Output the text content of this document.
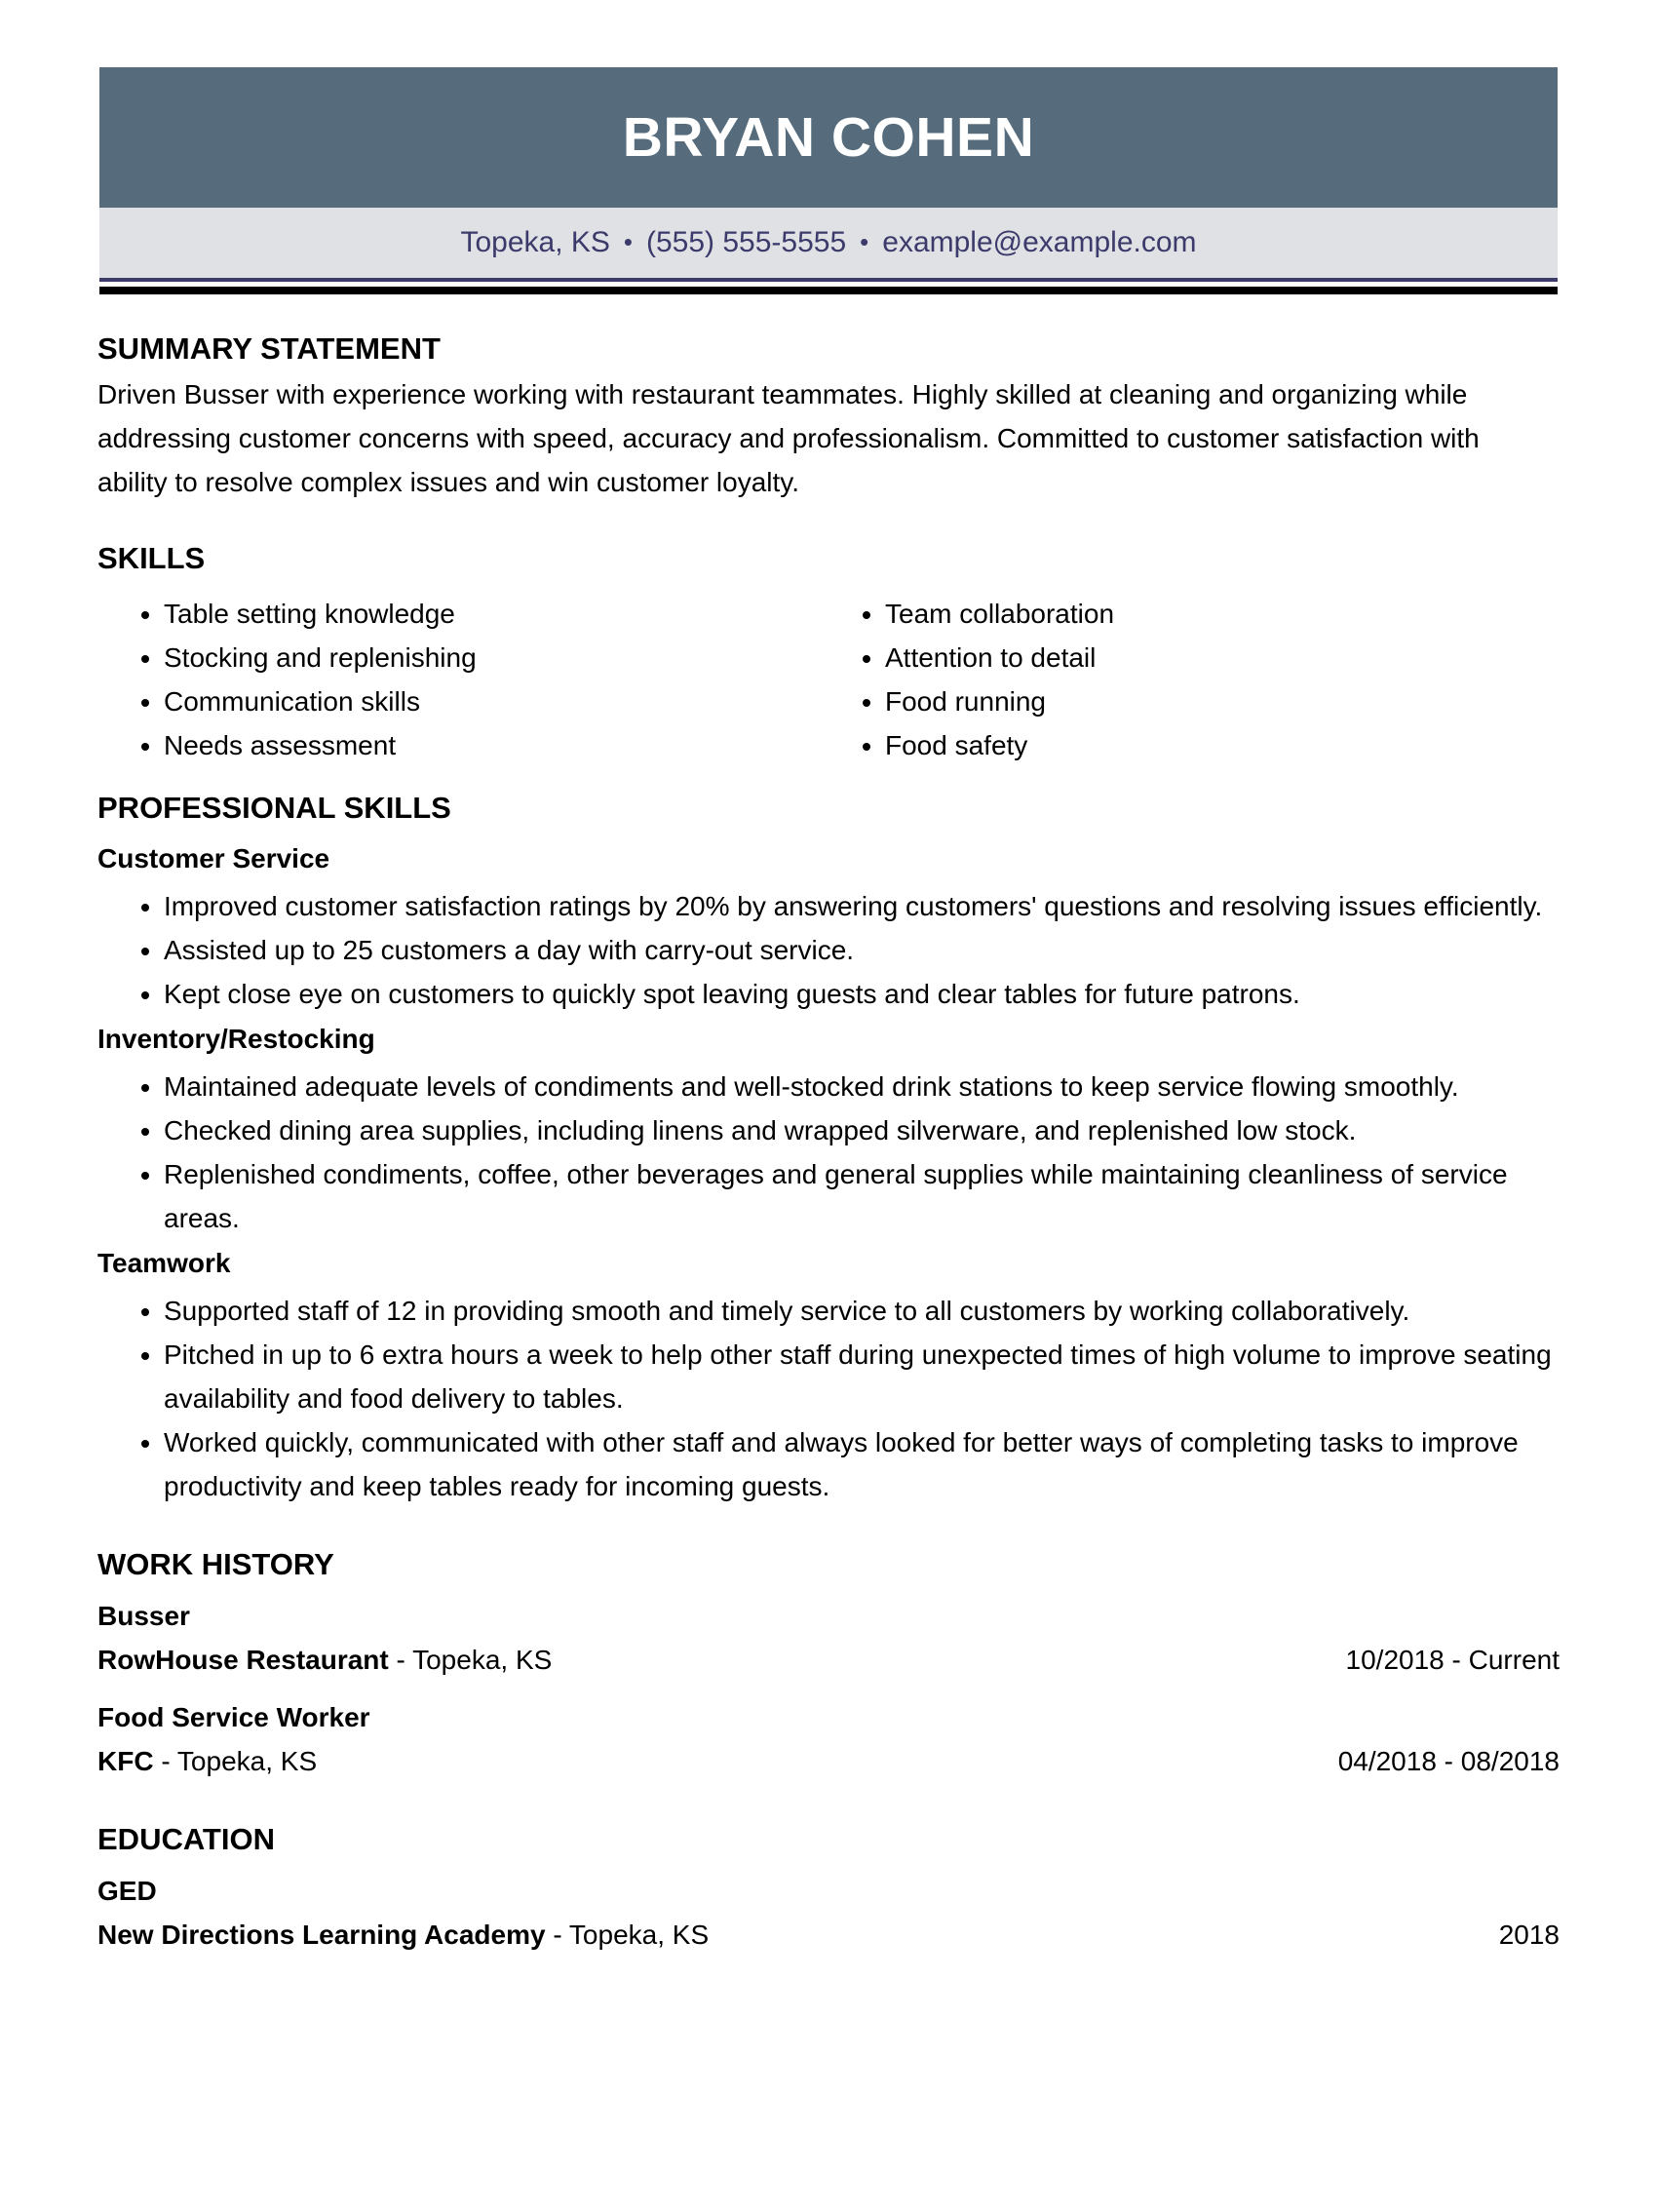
BRYAN COHEN
Topeka, KS • (555) 555-5555 • example@example.com
SUMMARY STATEMENT

Driven Busser with experience working with restaurant teammates. Highly skilled at cleaning and organizing while addressing customer concerns with speed, accuracy and professionalism. Committed to customer satisfaction with ability to resolve complex issues and win customer loyalty.

SKILLS
• Table setting knowledge
• Stocking and replenishing
• Communication skills
• Needs assessment
• Team collaboration
• Attention to detail
• Food running
• Food safety
PROFESSIONAL SKILLS
Customer Service
• Improved customer satisfaction ratings by 20% by answering customers' questions and resolving issues efficiently.
• Assisted up to 25 customers a day with carry-out service.
• Kept close eye on customers to quickly spot leaving guests and clear tables for future patrons.
Inventory/Restocking
• Maintained adequate levels of condiments and well-stocked drink stations to keep service flowing smoothly.
• Checked dining area supplies, including linens and wrapped silverware, and replenished low stock.
• Replenished condiments, coffee, other beverages and general supplies while maintaining cleanliness of service areas.
Teamwork
• Supported staff of 12 in providing smooth and timely service to all customers by working collaboratively.
• Pitched in up to 6 extra hours a week to help other staff during unexpected times of high volume to improve seating availability and food delivery to tables.
• Worked quickly, communicated with other staff and always looked for better ways of completing tasks to improve productivity and keep tables ready for incoming guests.
WORK HISTORY
Busser
RowHouse Restaurant - Topeka, KS	10/2018 - Current
Food Service Worker
KFC - Topeka, KS	04/2018 - 08/2018
EDUCATION
GED
New Directions Learning Academy - Topeka, KS	2018
